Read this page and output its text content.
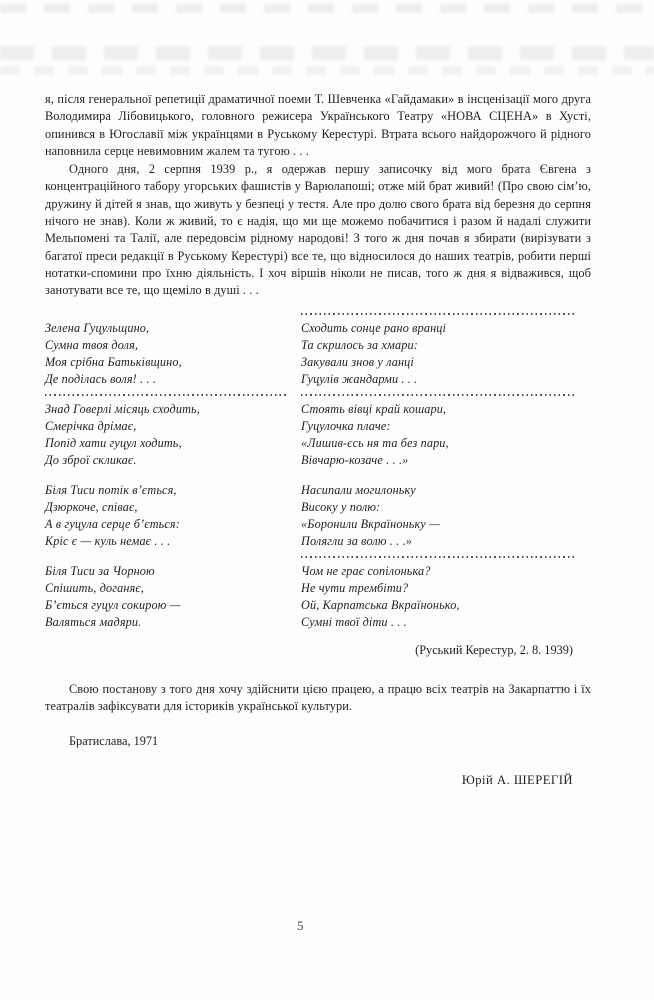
я, після генеральної репетиції драматичної поеми Т. Шевченка «Гайдамаки» в інсценізації мого друга Володимира Лібовицького, головного режисера Українського Театру «НОВА СЦЕНА» в Хусті, опинився в Югославії між українцями в Руському Керестурі. Втрата всього найдорожчого й рідного наповнила серце невимовним жалем та тугою . . .

Одного дня, 2 серпня 1939 р., я одержав першу записочку від мого брата Євгена з концентраційного табору угорських фашистів у Варюлапоші; отже мій брат живий! (Про свою сім’ю, дружину й дітей я знав, що живуть у безпеці у тестя. Але про долю свого брата від березня до серпня нічого не знав). Коли ж живий, то є надія, що ми ще можемо побачитися і разом й надалі служити Мельпомені та Талії, але передовсім рідному народові! З того ж дня почав я збирати (вирізувати з багатої преси редакції в Руському Керестурі) все те, що відносилося до наших театрів, робити перші нотатки-спомини про їхню діяльність. І хоч віршів ніколи не писав, того ж дня я відважився, щоб занотувати все те, що щеміло в душі . . .

Зелена Гуцульщино,
Сумна твоя доля,
Моя срібна Батьківщино,
Де поділась воля! . . .
Знад Говерлі місяць сходить,
Смерічка дрімає,
Попід хати гуцул ходить,
До зброї скликає.
Біля Тиси потік в’ється,
Дзюркоче, співає,
А в гуцула серце б’ється:
Кріс є — куль немає . . .
Біля Тиси за Чорною
Спішить, доганяє,
Б’ється гуцул сокирою —
Валяться мадяри.
Сходить сонце рано вранці
Та скрилось за хмари:
Закували знов у ланці
Гуцулів жандарми . . .
Стоять вівці край кошари,
Гуцулочка плаче:
«Лишив-єсь ня та без пари,
Вівчарю-козаче . . .»
Насипали могилоньку
Високу у полю:
«Боронили Вкраїноньку —
Полягли за волю . . .»
Чом не грає сопілонька?
Не чути трембіти?
Ой, Карпатська Вкраїнонько,
Сумні твої діти . . .

(Руський Керестур, 2. 8. 1939)

Свою постанову з того дня хочу здійснити цією працею, а працю всіх театрів на Закарпаттю і їх театралів зафіксувати для істориків української культури.

Братислава, 1971

Юрій А. ШЕРЕГІЙ

5
